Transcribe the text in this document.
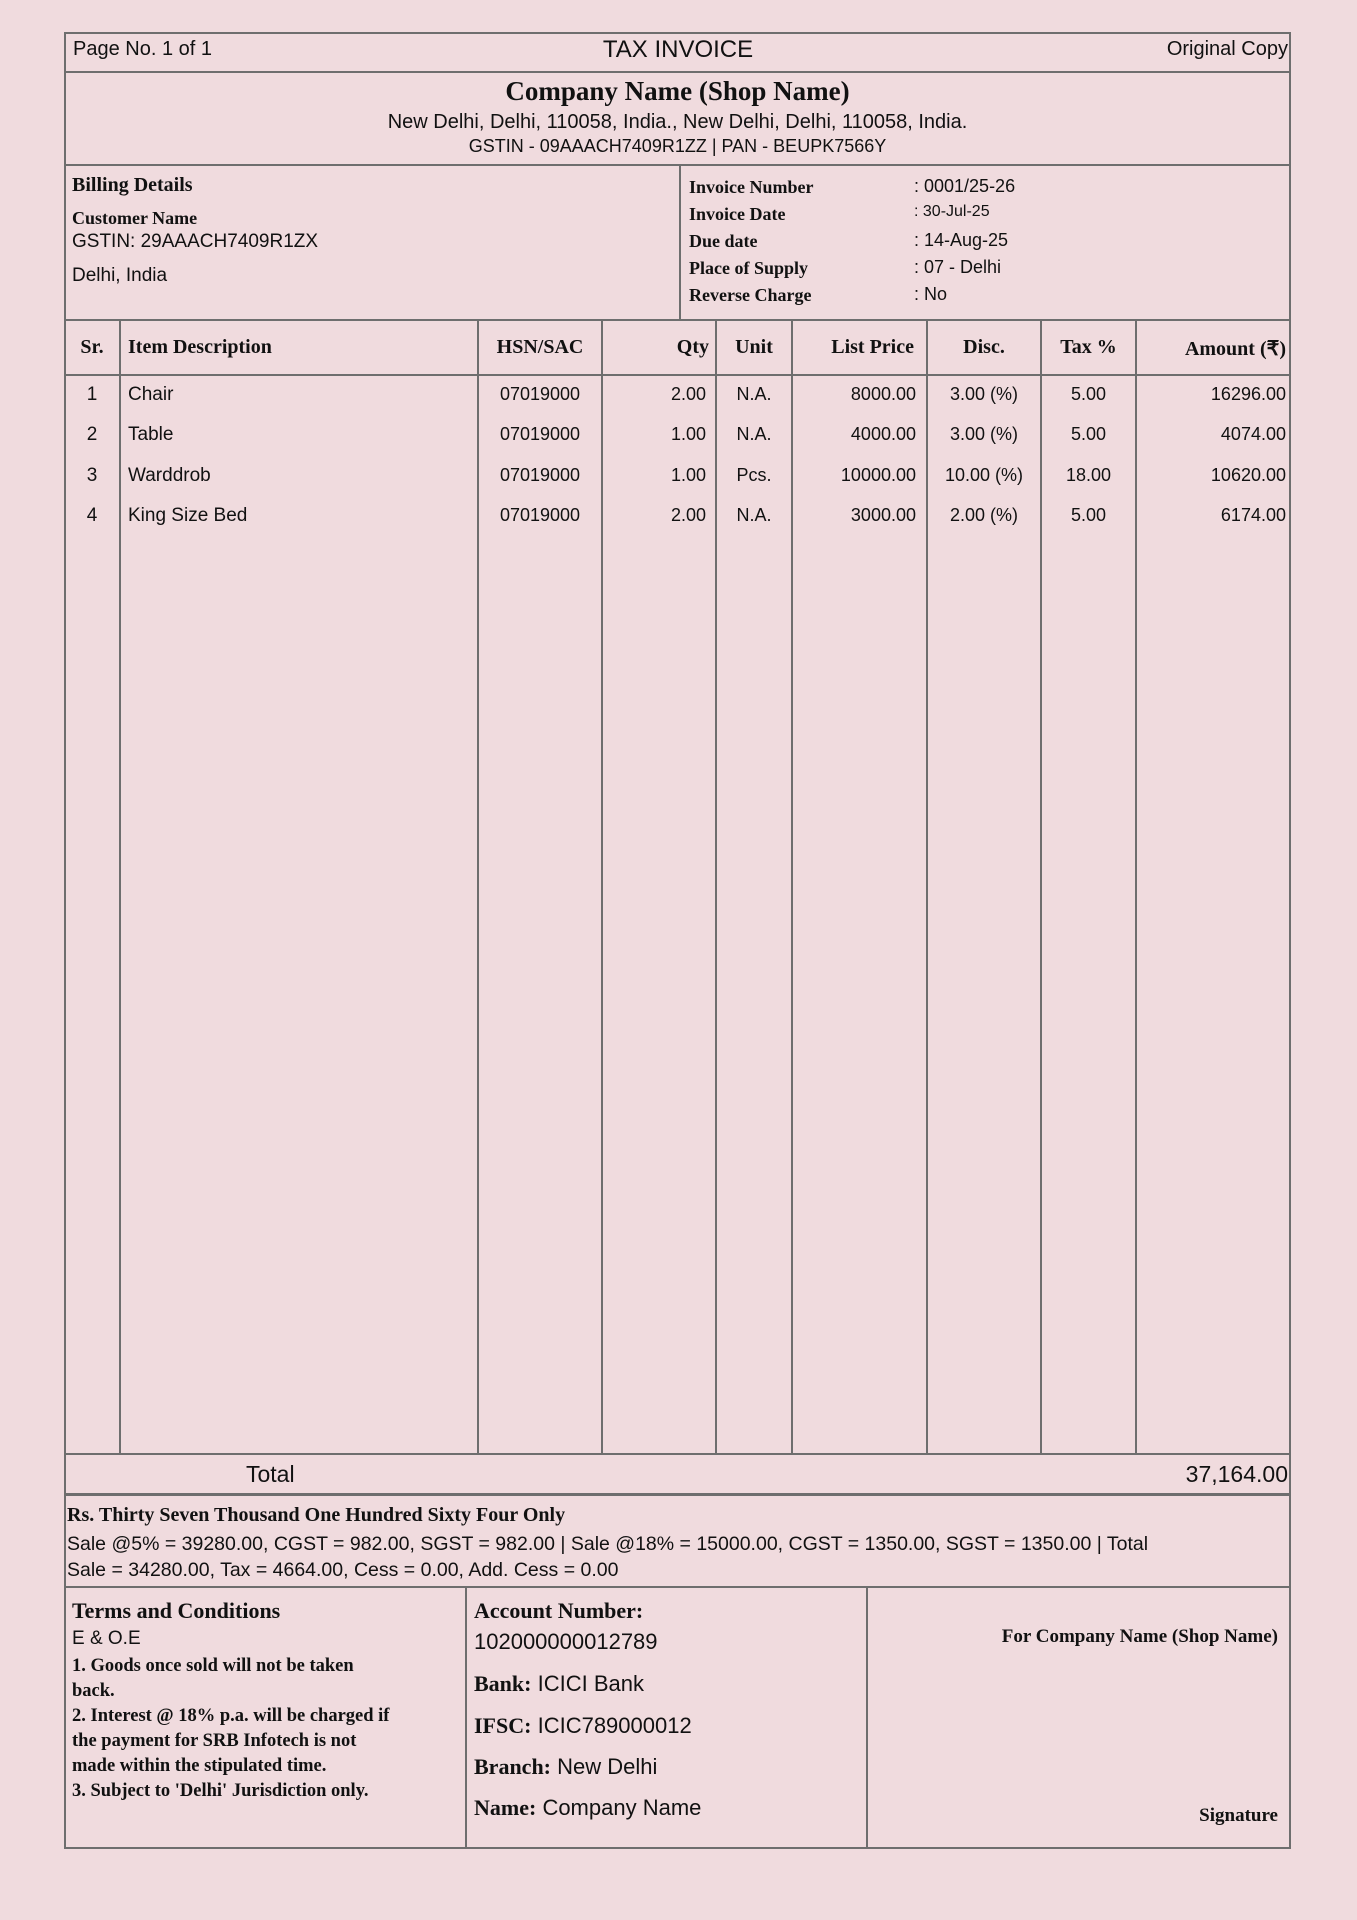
Page No. 1 of 1	TAX INVOICE	Original Copy
Company Name (Shop Name)
New Delhi, Delhi, 110058, India., New Delhi, Delhi, 110058, India.
GSTIN - 09AAACH7409R1ZZ | PAN - BEUPK7566Y
Billing Details
Customer Name
GSTIN: 29AAACH7409R1ZX
Delhi, India
Invoice Number	: 0001/25-26
Invoice Date	: 30-Jul-25
Due date	: 14-Aug-25
Place of Supply	: 07 - Delhi
Reverse Charge	: No
Sr.	Item Description	HSN/SAC	Qty	Unit	List Price	Disc.	Tax %	Amount (₹)
1	Chair	07019000	2.00	N.A.	8000.00	3.00 (%)	5.00	16296.00
2	Table	07019000	1.00	N.A.	4000.00	3.00 (%)	5.00	4074.00
3	Warddrob	07019000	1.00	Pcs.	10000.00	10.00 (%)	18.00	10620.00
4	King Size Bed	07019000	2.00	N.A.	3000.00	2.00 (%)	5.00	6174.00
Total	37,164.00
Rs. Thirty Seven Thousand One Hundred Sixty Four Only
Sale @5% = 39280.00, CGST = 982.00, SGST = 982.00 | Sale @18% = 15000.00, CGST = 1350.00, SGST = 1350.00 | Total
Sale = 34280.00, Tax = 4664.00, Cess = 0.00, Add. Cess = 0.00
Terms and Conditions
E & O.E
1. Goods once sold will not be taken
back.
2. Interest @ 18% p.a. will be charged if
the payment for SRB Infotech is not
made within the stipulated time.
3. Subject to 'Delhi' Jurisdiction only.
Account Number:
102000000012789
Bank: ICICI Bank
IFSC: ICIC789000012
Branch: New Delhi
Name: Company Name
For Company Name (Shop Name)
Signature
